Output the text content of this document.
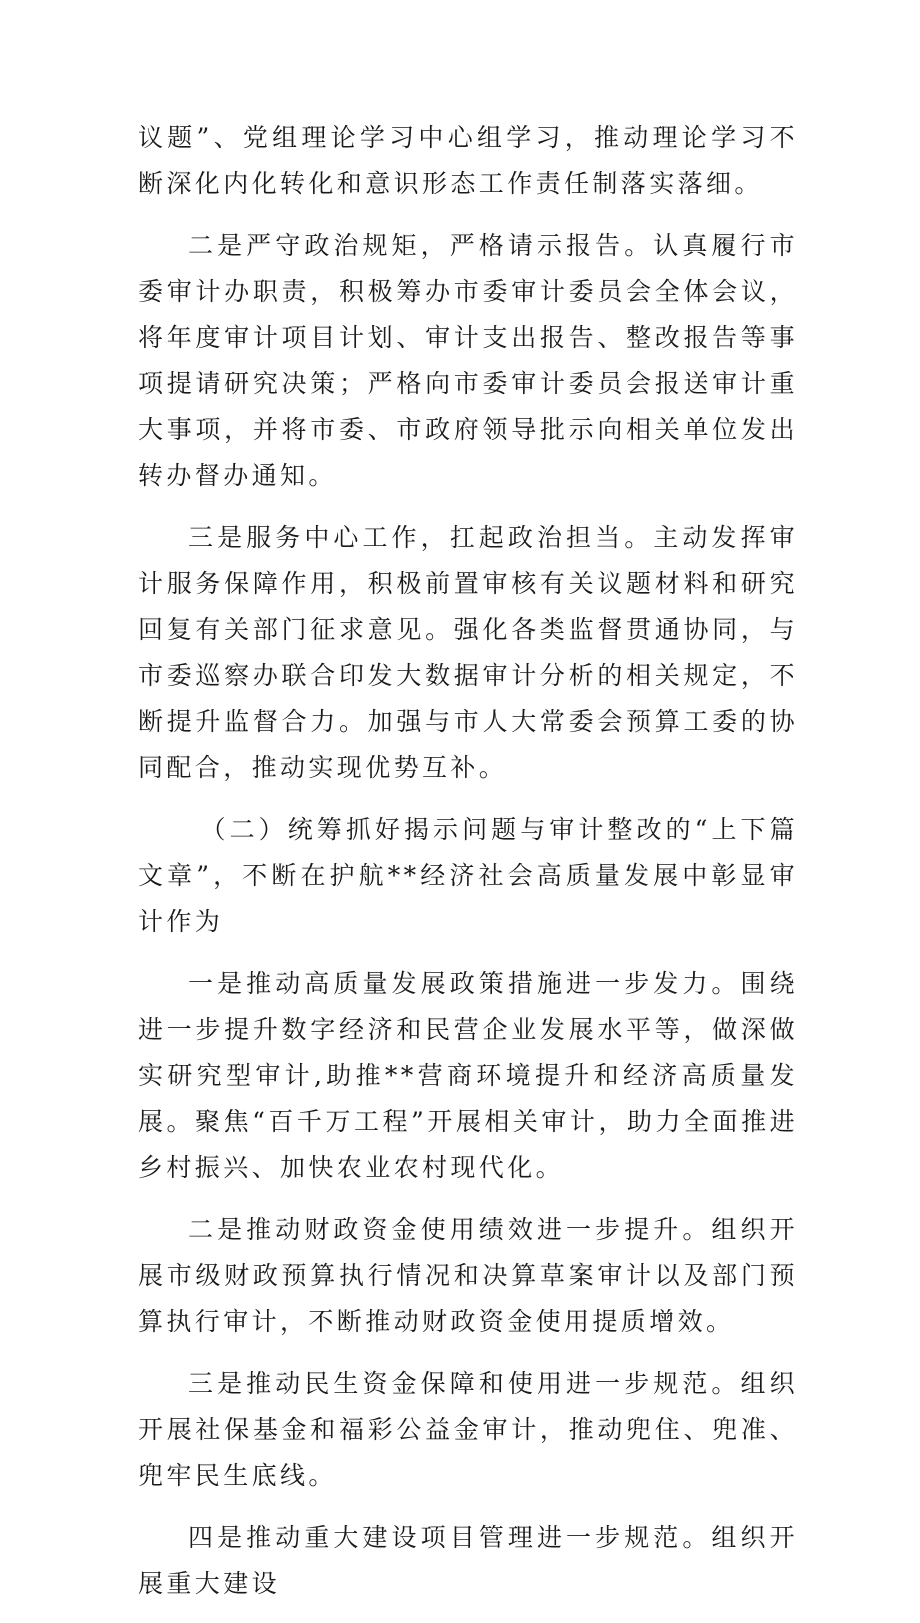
议题”、党组理论学习中心组学习，推动理论学习不断深化内化转化和意识形态工作责任制落实落细。

二是严守政治规矩，严格请示报告。认真履行市委审计办职责，积极筹办市委审计委员会全体会议，将年度审计项目计划、审计支出报告、整改报告等事项提请研究决策；严格向市委审计委员会报送审计重大事项，并将市委、市政府领导批示向相关单位发出转办督办通知。

三是服务中心工作，扛起政治担当。主动发挥审计服务保障作用，积极前置审核有关议题材料和研究回复有关部门征求意见。强化各类监督贯通协同，与市委巡察办联合印发大数据审计分析的相关规定，不断提升监督合力。加强与市人大常委会预算工委的协同配合，推动实现优势互补。

（二）统筹抓好揭示问题与审计整改的“上下篇文章”，不断在护航**经济社会高质量发展中彰显审计作为

一是推动高质量发展政策措施进一步发力。围绕进一步提升数字经济和民营企业发展水平等，做深做实研究型审计,助推**营商环境提升和经济高质量发展。聚焦“百千万工程”开展相关审计，助力全面推进乡村振兴、加快农业农村现代化。

二是推动财政资金使用绩效进一步提升。组织开展市级财政预算执行情况和决算草案审计以及部门预算执行审计，不断推动财政资金使用提质增效。

三是推动民生资金保障和使用进一步规范。组织开展社保基金和福彩公益金审计，推动兜住、兜准、兜牢民生底线。

四是推动重大建设项目管理进一步规范。组织开展重大建设
